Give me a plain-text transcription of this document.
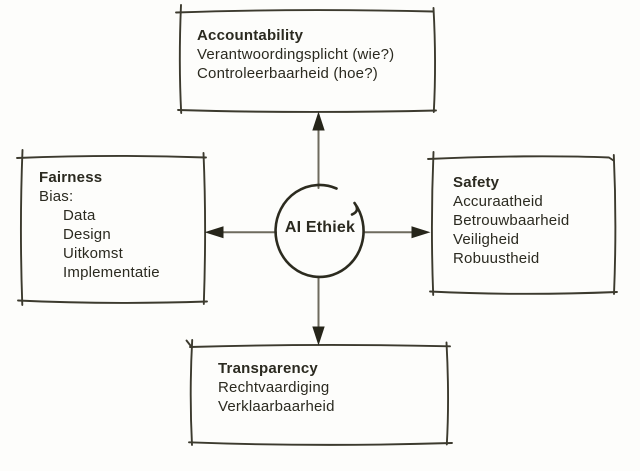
Accountability
Verantwoordingsplicht (wie?)
Controleerbaarheid (hoe?)
Fairness
Bias:
Data
Design
Uitkomst
Implementatie
Safety
Accuraatheid
Betrouwbaarheid
Veiligheid
Robuustheid
Transparency
Rechtvaardiging
Verklaarbaarheid
AI Ethiek
